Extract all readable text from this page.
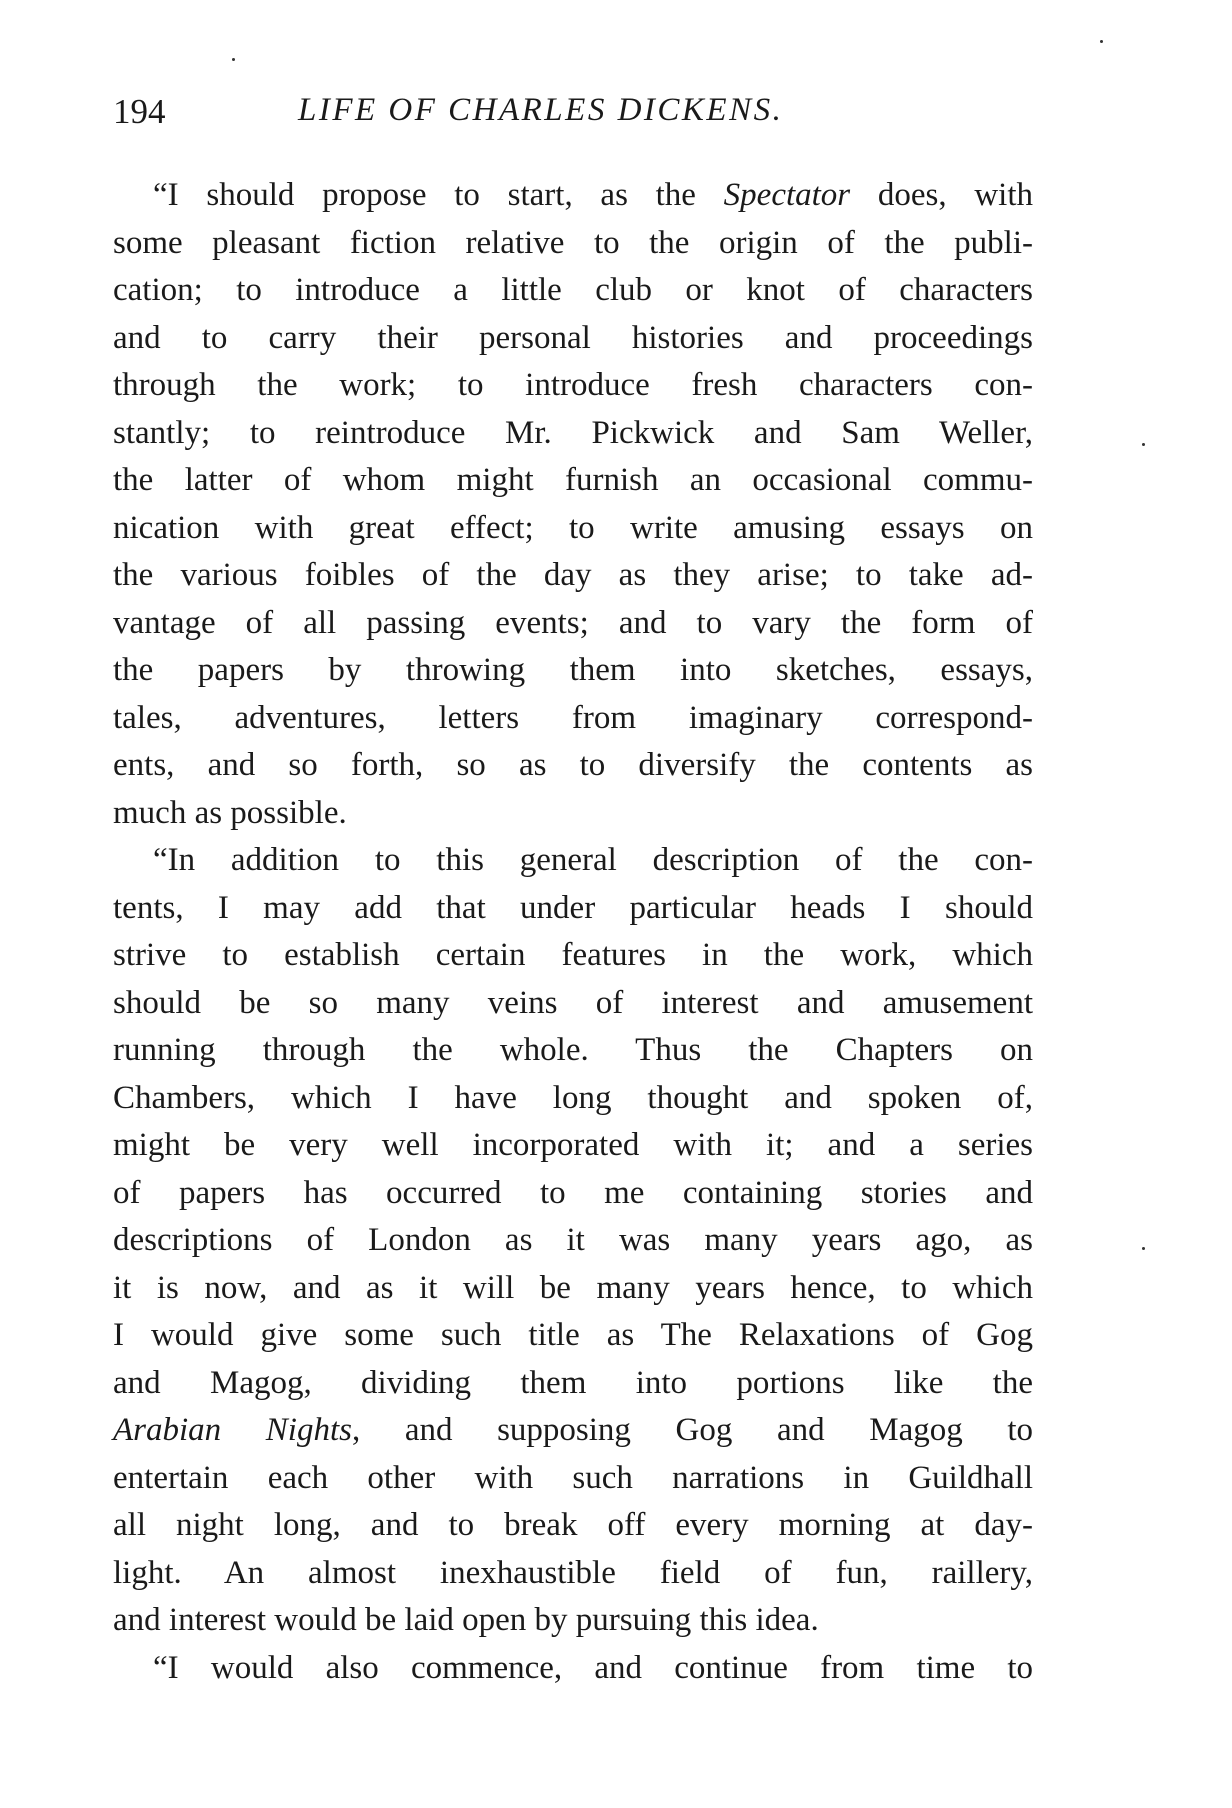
194	LIFE OF CHARLES DICKENS.
“I should propose to start, as the Spectator does, with
some pleasant fiction relative to the origin of the publi-
cation; to introduce a little club or knot of characters
and to carry their personal histories and proceedings
through the work; to introduce fresh characters con-
stantly; to reintroduce Mr. Pickwick and Sam Weller,
the latter of whom might furnish an occasional commu-
nication with great effect; to write amusing essays on
the various foibles of the day as they arise; to take ad-
vantage of all passing events; and to vary the form of
the papers by throwing them into sketches, essays,
tales, adventures, letters from imaginary correspond-
ents, and so forth, so as to diversify the contents as
much as possible.
“In addition to this general description of the con-
tents, I may add that under particular heads I should
strive to establish certain features in the work, which
should be so many veins of interest and amusement
running through the whole. Thus the Chapters on
Chambers, which I have long thought and spoken of,
might be very well incorporated with it; and a series
of papers has occurred to me containing stories and
descriptions of London as it was many years ago, as
it is now, and as it will be many years hence, to which
I would give some such title as The Relaxations of Gog
and Magog, dividing them into portions like the
Arabian Nights, and supposing Gog and Magog to
entertain each other with such narrations in Guildhall
all night long, and to break off every morning at day-
light. An almost inexhaustible field of fun, raillery,
and interest would be laid open by pursuing this idea.
“I would also commence, and continue from time to
